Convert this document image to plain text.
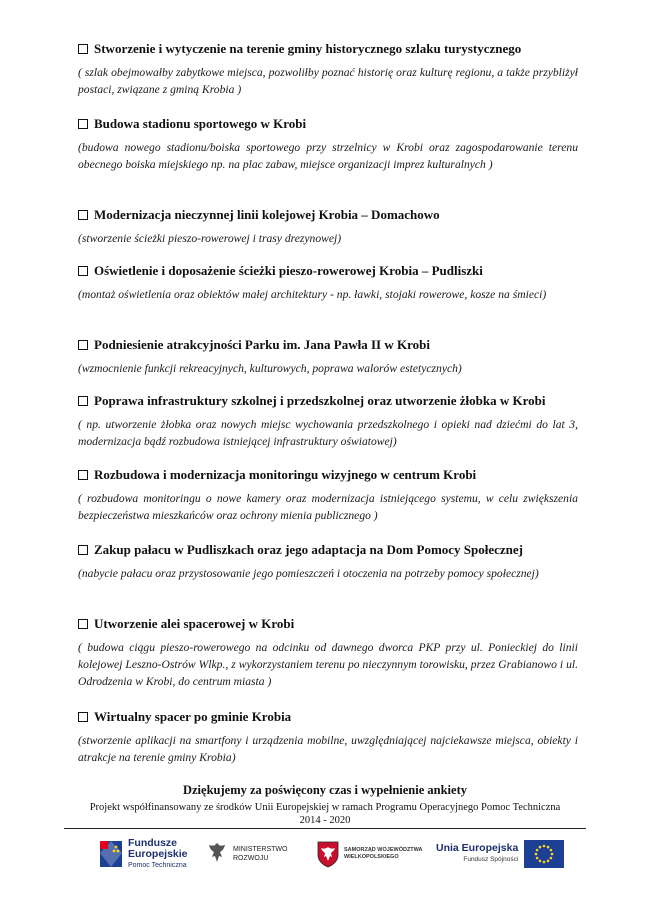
Stworzenie i wytyczenie na terenie gminy historycznego szlaku turystycznego
( szlak obejmowałby zabytkowe miejsca, pozwoliłby poznać historię oraz kulturę regionu, a także przybliżył postaci, związane z gminą Krobia )
Budowa stadionu sportowego w Krobi
(budowa nowego stadionu/boiska sportowego przy strzelnicy w Krobi oraz zagospodarowanie terenu obecnego boiska miejskiego np. na plac zabaw, miejsce organizacji imprez kulturalnych )
Modernizacja nieczynnej linii kolejowej Krobia – Domachowo
(stworzenie ścieżki pieszo-rowerowej i trasy drezynowej)
Oświetlenie i doposażenie ścieżki pieszo-rowerowej Krobia – Pudliszki
(montaż oświetlenia oraz obiektów małej architektury - np. ławki, stojaki rowerowe, kosze na śmieci)
Podniesienie atrakcyjności Parku im. Jana Pawła II w Krobi
(wzmocnienie funkcji rekreacyjnych, kulturowych, poprawa walorów estetycznych)
Poprawa infrastruktury szkolnej i przedszkolnej oraz utworzenie żłobka w Krobi
( np. utworzenie żłobka oraz nowych miejsc wychowania przedszkolnego i opieki nad dziećmi do lat 3, modernizacja bądź rozbudowa istniejącej infrastruktury oświatowej)
Rozbudowa i modernizacja monitoringu wizyjnego w centrum Krobi
( rozbudowa monitoringu o nowe kamery oraz modernizacja istniejącego systemu, w celu zwiększenia bezpieczeństwa mieszkańców oraz ochrony mienia publicznego )
Zakup pałacu w Pudliszkach oraz jego adaptacja na Dom Pomocy Społecznej
(nabycie pałacu oraz przystosowanie jego pomieszczeń i otoczenia na potrzeby pomocy społecznej)
Utworzenie alei spacerowej w Krobi
( budowa ciągu pieszo-rowerowego na odcinku od dawnego dworca PKP przy ul. Ponieckiej do linii kolejowej Leszno-Ostrów Wlkp., z wykorzystaniem terenu po nieczynnym torowisku, przez Grabianowo i ul. Odrodzenia w Krobi, do centrum miasta )
Wirtualny spacer po gminie Krobia
(stworzenie aplikacji na smartfony i urządzenia mobilne, uwzględniającej najciekawsze miejsca, obiekty i atrakcje na terenie gminy Krobia)
Dziękujemy za poświęcony czas i wypełnienie ankiety
Projekt współfinansowany ze środków Unii Europejskiej w ramach Programu Operacyjnego Pomoc Techniczna
2014 - 2020
Fundusze
Europejskie
Pomoc Techniczna
MINISTERSTWO
ROZWOJU
SAMORZĄD WOJEWÓDZTWA
WIELKOPOLSKIEGO
Unia Europejska
Fundusz Spójności
